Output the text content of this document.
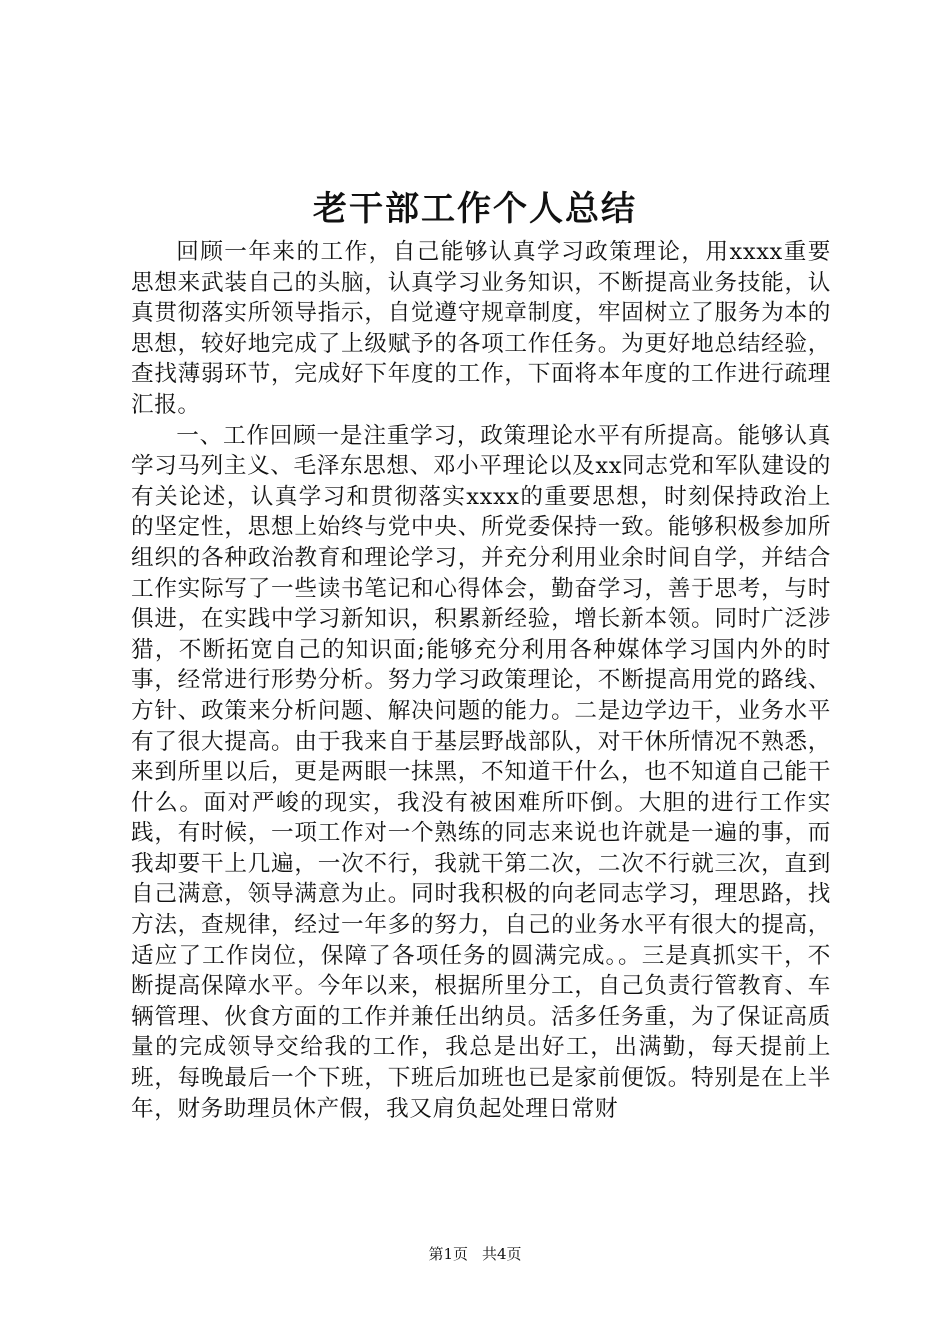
老干部工作个人总结

回顾一年来的工作，自己能够认真学习政策理论，用xxxx重要思想来武装自己的头脑，认真学习业务知识，不断提高业务技能，认真贯彻落实所领导指示，自觉遵守规章制度，牢固树立了服务为本的思想，较好地完成了上级赋予的各项工作任务。为更好地总结经验，查找薄弱环节，完成好下年度的工作，下面将本年度的工作进行疏理汇报。

一、工作回顾一是注重学习，政策理论水平有所提高。能够认真学习马列主义、毛泽东思想、邓小平理论以及xx同志党和军队建设的有关论述，认真学习和贯彻落实xxxx的重要思想，时刻保持政治上的坚定性，思想上始终与党中央、所党委保持一致。能够积极参加所组织的各种政治教育和理论学习，并充分利用业余时间自学，并结合工作实际写了一些读书笔记和心得体会，勤奋学习，善于思考，与时俱进，在实践中学习新知识，积累新经验，增长新本领。同时广泛涉猎，不断拓宽自己的知识面;能够充分利用各种媒体学习国内外的时事，经常进行形势分析。努力学习政策理论，不断提高用党的路线、方针、政策来分析问题、解决问题的能力。二是边学边干，业务水平有了很大提高。由于我来自于基层野战部队，对干休所情况不熟悉，来到所里以后，更是两眼一抹黑，不知道干什么，也不知道自己能干什么。面对严峻的现实，我没有被困难所吓倒。大胆的进行工作实践，有时候，一项工作对一个熟练的同志来说也许就是一遍的事，而我却要干上几遍，一次不行，我就干第二次，二次不行就三次，直到自己满意，领导满意为止。同时我积极的向老同志学习，理思路，找方法，查规律，经过一年多的努力，自己的业务水平有很大的提高，适应了工作岗位，保障了各项任务的圆满完成。。三是真抓实干，不断提高保障水平。今年以来，根据所里分工，自己负责行管教育、车辆管理、伙食方面的工作并兼任出纳员。活多任务重，为了保证高质量的完成领导交给我的工作，我总是出好工，出满勤，每天提前上班，每晚最后一个下班，下班后加班也已是家前便饭。特别是在上半年，财务助理员休产假，我又肩负起处理日常财

第1页 共4页
